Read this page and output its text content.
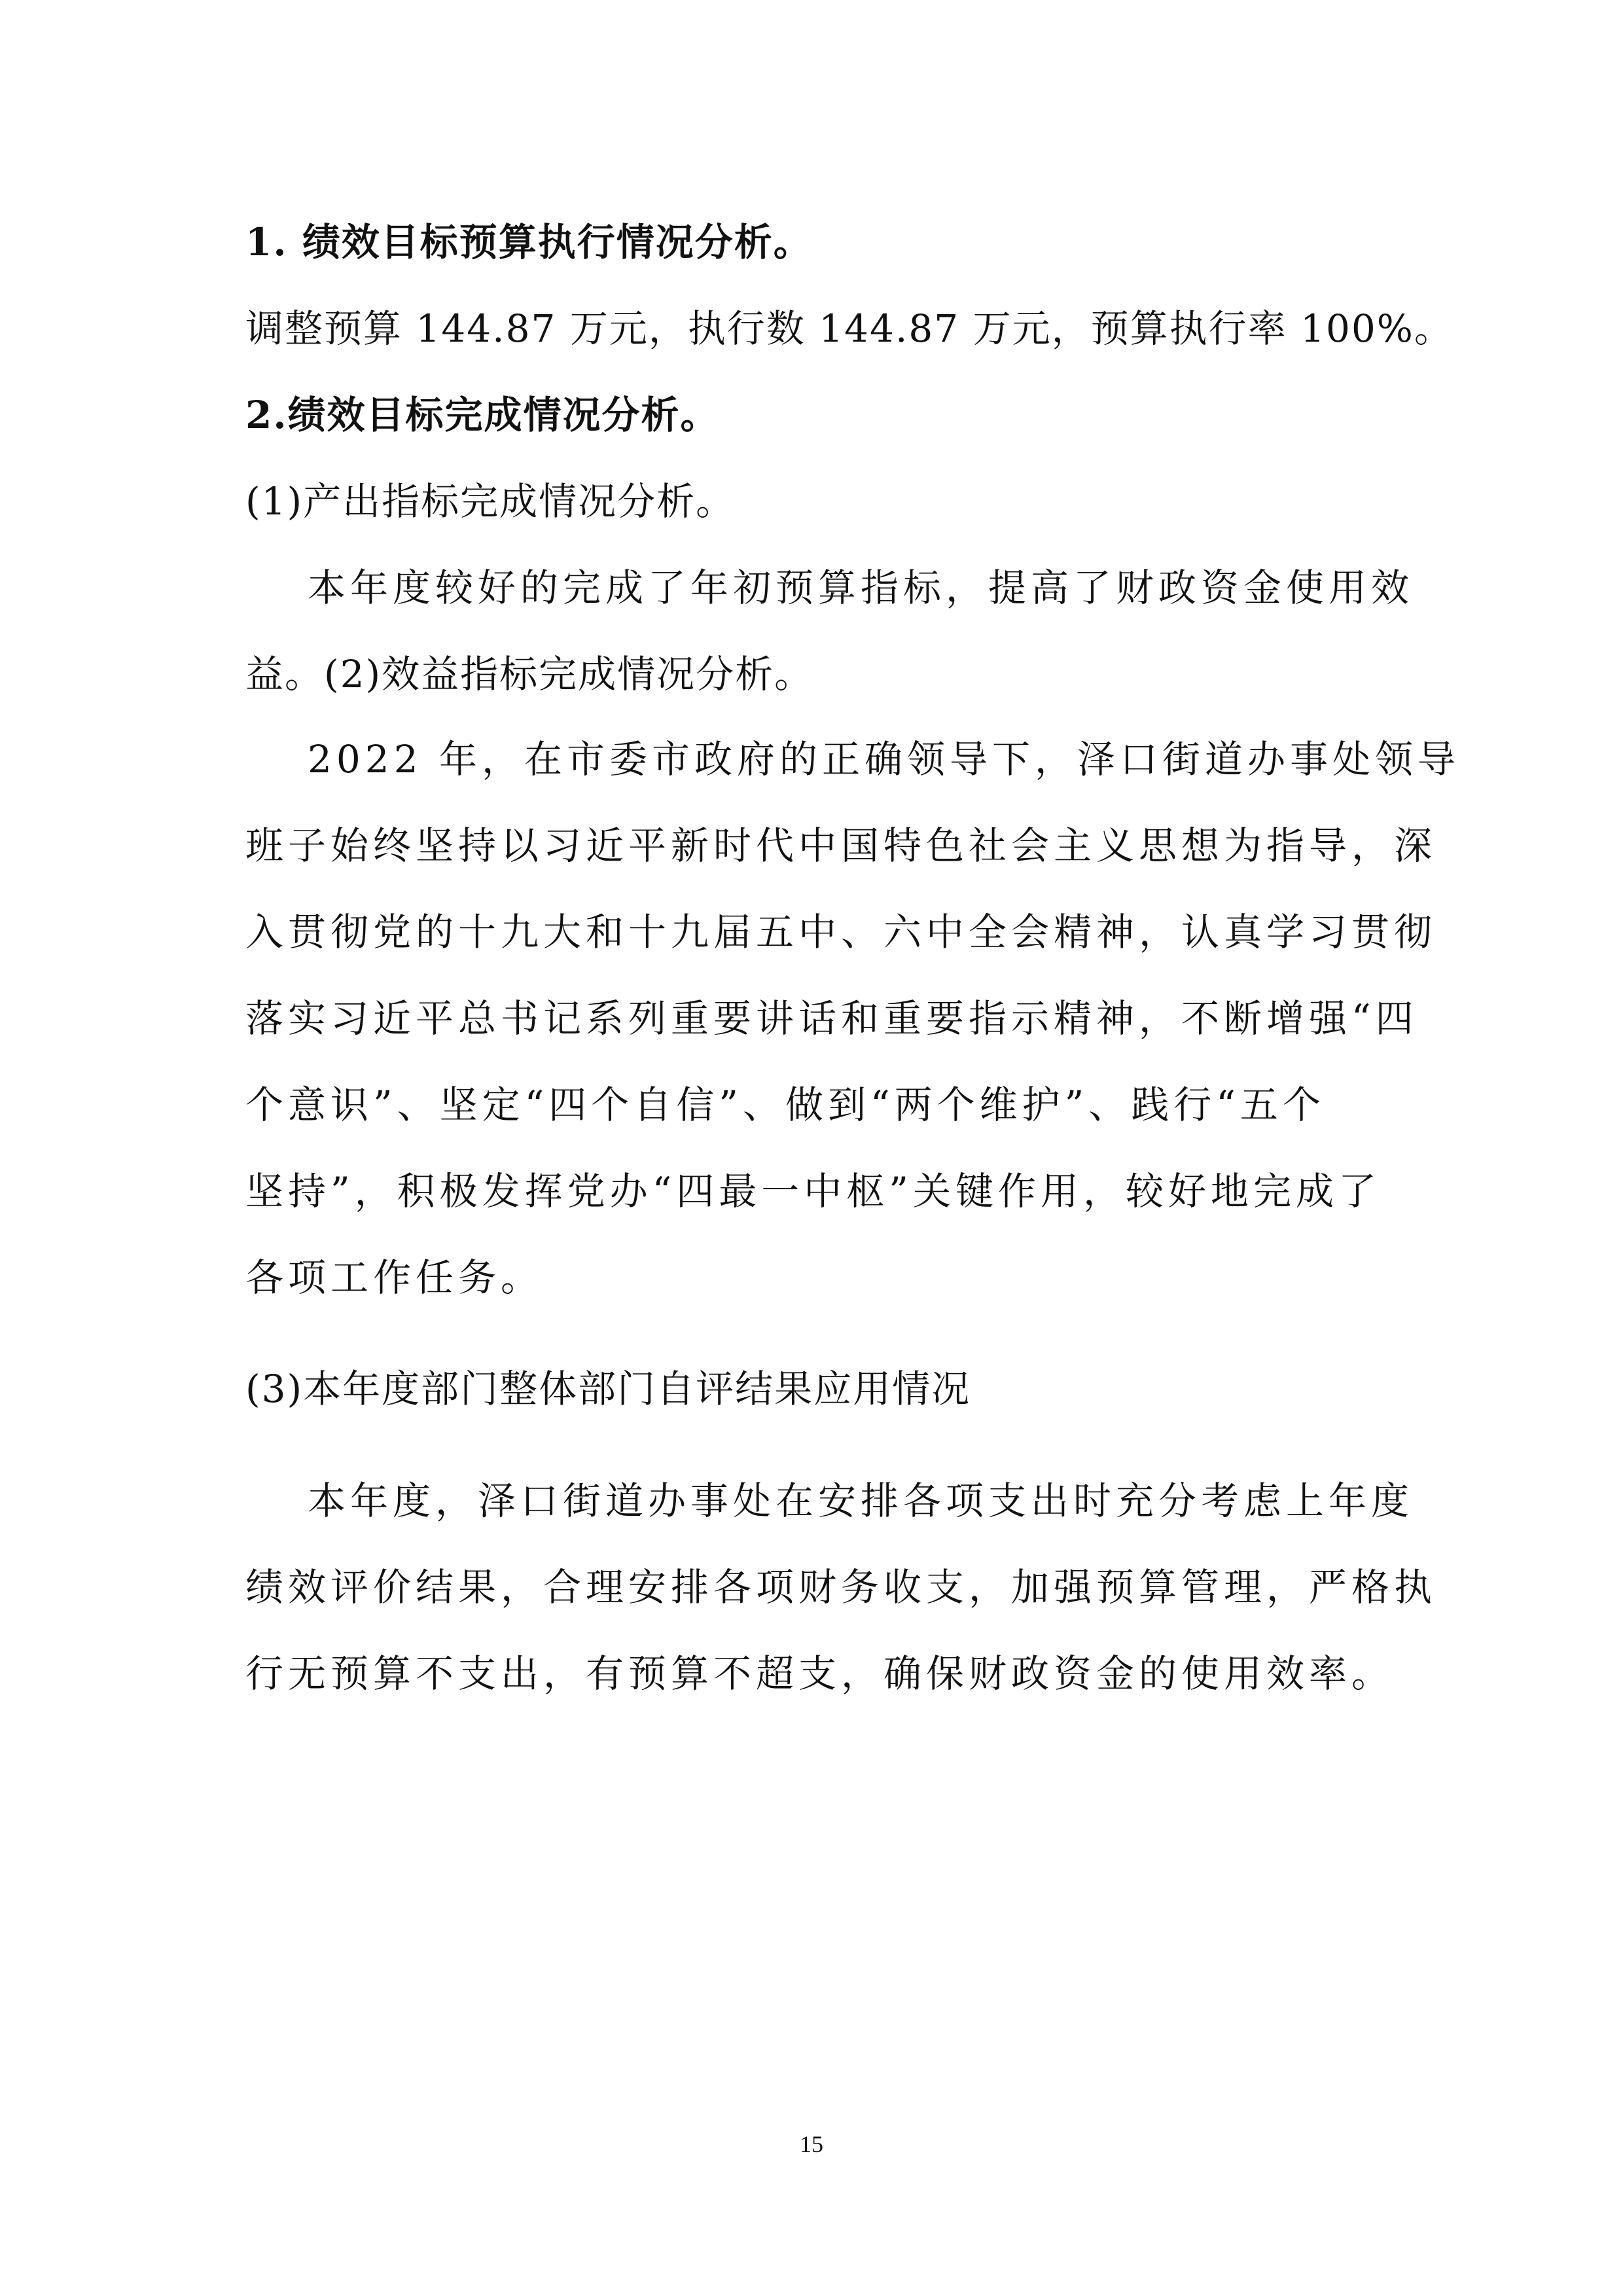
1. 绩效目标预算执行情况分析。
调整预算 144.87 万元，执行数 144.87 万元，预算执行率 100%。
2.绩效目标完成情况分析。
(1)产出指标完成情况分析。
本年度较好的完成了年初预算指标，提高了财政资金使用效
益。(2)效益指标完成情况分析。
2022 年，在市委市政府的正确领导下，泽口街道办事处领导
班子始终坚持以习近平新时代中国特色社会主义思想为指导，深
入贯彻党的十九大和十九届五中、六中全会精神，认真学习贯彻
落实习近平总书记系列重要讲话和重要指示精神，不断增强“四
个意识”、坚定“四个自信”、做到“两个维护”、践行“五个
坚持”，积极发挥党办“四最一中枢”关键作用，较好地完成了
各项工作任务。
(3)本年度部门整体部门自评结果应用情况
本年度，泽口街道办事处在安排各项支出时充分考虑上年度
绩效评价结果，合理安排各项财务收支，加强预算管理，严格执
行无预算不支出，有预算不超支，确保财政资金的使用效率。
15
